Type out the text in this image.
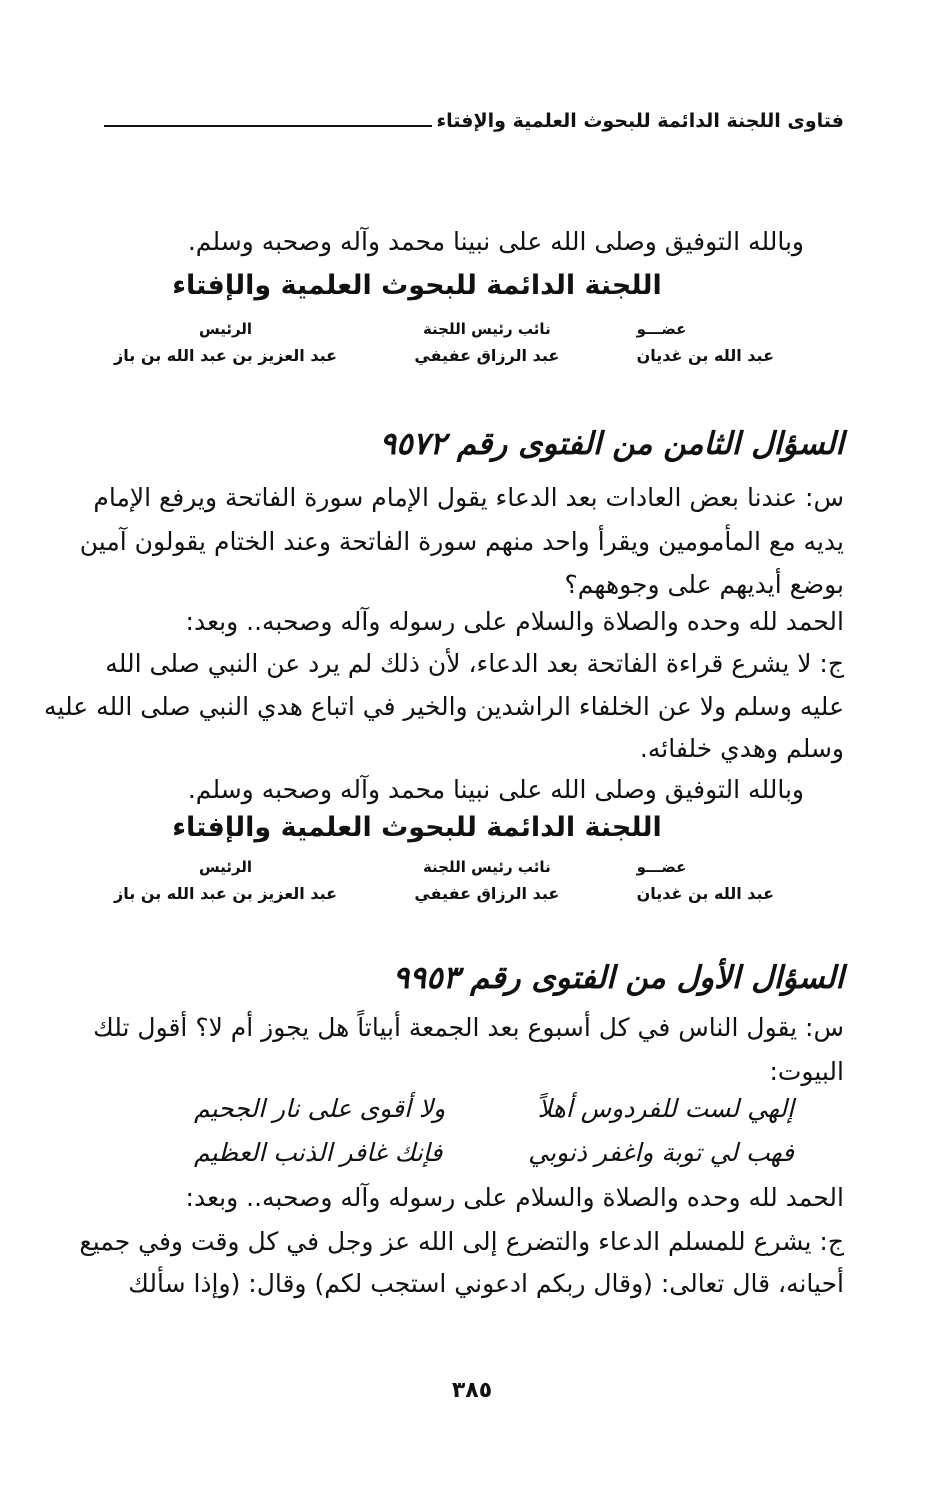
فتاوى اللجنة الدائمة للبحوث العلمية والإفتاء
وبالله التوفيق وصلى الله على نبينا محمد وآله وصحبه وسلم.
اللجنة الدائمة للبحوث العلمية والإفتاء
عضـــو
عبد الله بن غديان
نائب رئيس اللجنة
عبد الرزاق عفيفي
الرئيس
عبد العزيز بن عبد الله بن باز
السؤال الثامن من الفتوى رقم ٩٥٧٢
س: عندنا بعض العادات بعد الدعاء يقول الإمام سورة الفاتحة ويرفع الإمام
يديه مع المأمومين ويقرأ واحد منهم سورة الفاتحة وعند الختام يقولون آمين
بوضع أيديهم على وجوههم؟
الحمد لله وحده والصلاة والسلام على رسوله وآله وصحبه.. وبعد:
ج: لا يشرع قراءة الفاتحة بعد الدعاء، لأن ذلك لم يرد عن النبي صلى الله
عليه وسلم ولا عن الخلفاء الراشدين والخير في اتباع هدي النبي صلى الله عليه
وسلم وهدي خلفائه.
وبالله التوفيق وصلى الله على نبينا محمد وآله وصحبه وسلم.
اللجنة الدائمة للبحوث العلمية والإفتاء
عضـــو
عبد الله بن غديان
نائب رئيس اللجنة
عبد الرزاق عفيفي
الرئيس
عبد العزيز بن عبد الله بن باز
السؤال الأول من الفتوى رقم ٩٩٥٣
س: يقول الناس في كل أسبوع بعد الجمعة أبياتاً هل يجوز أم لا؟ أقول تلك
البيوت:
إلهي لست للفردوس أهلاً
ولا أقوى على نار الجحيم
فهب لي توبة واغفر ذنوبي
فإنك غافر الذنب العظيم
الحمد لله وحده والصلاة والسلام على رسوله وآله وصحبه.. وبعد:
ج: يشرع للمسلم الدعاء والتضرع إلى الله عز وجل في كل وقت وفي جميع
أحيانه، قال تعالى: (وقال ربكم ادعوني استجب لكم) وقال: (وإذا سألك
٣٨٥
